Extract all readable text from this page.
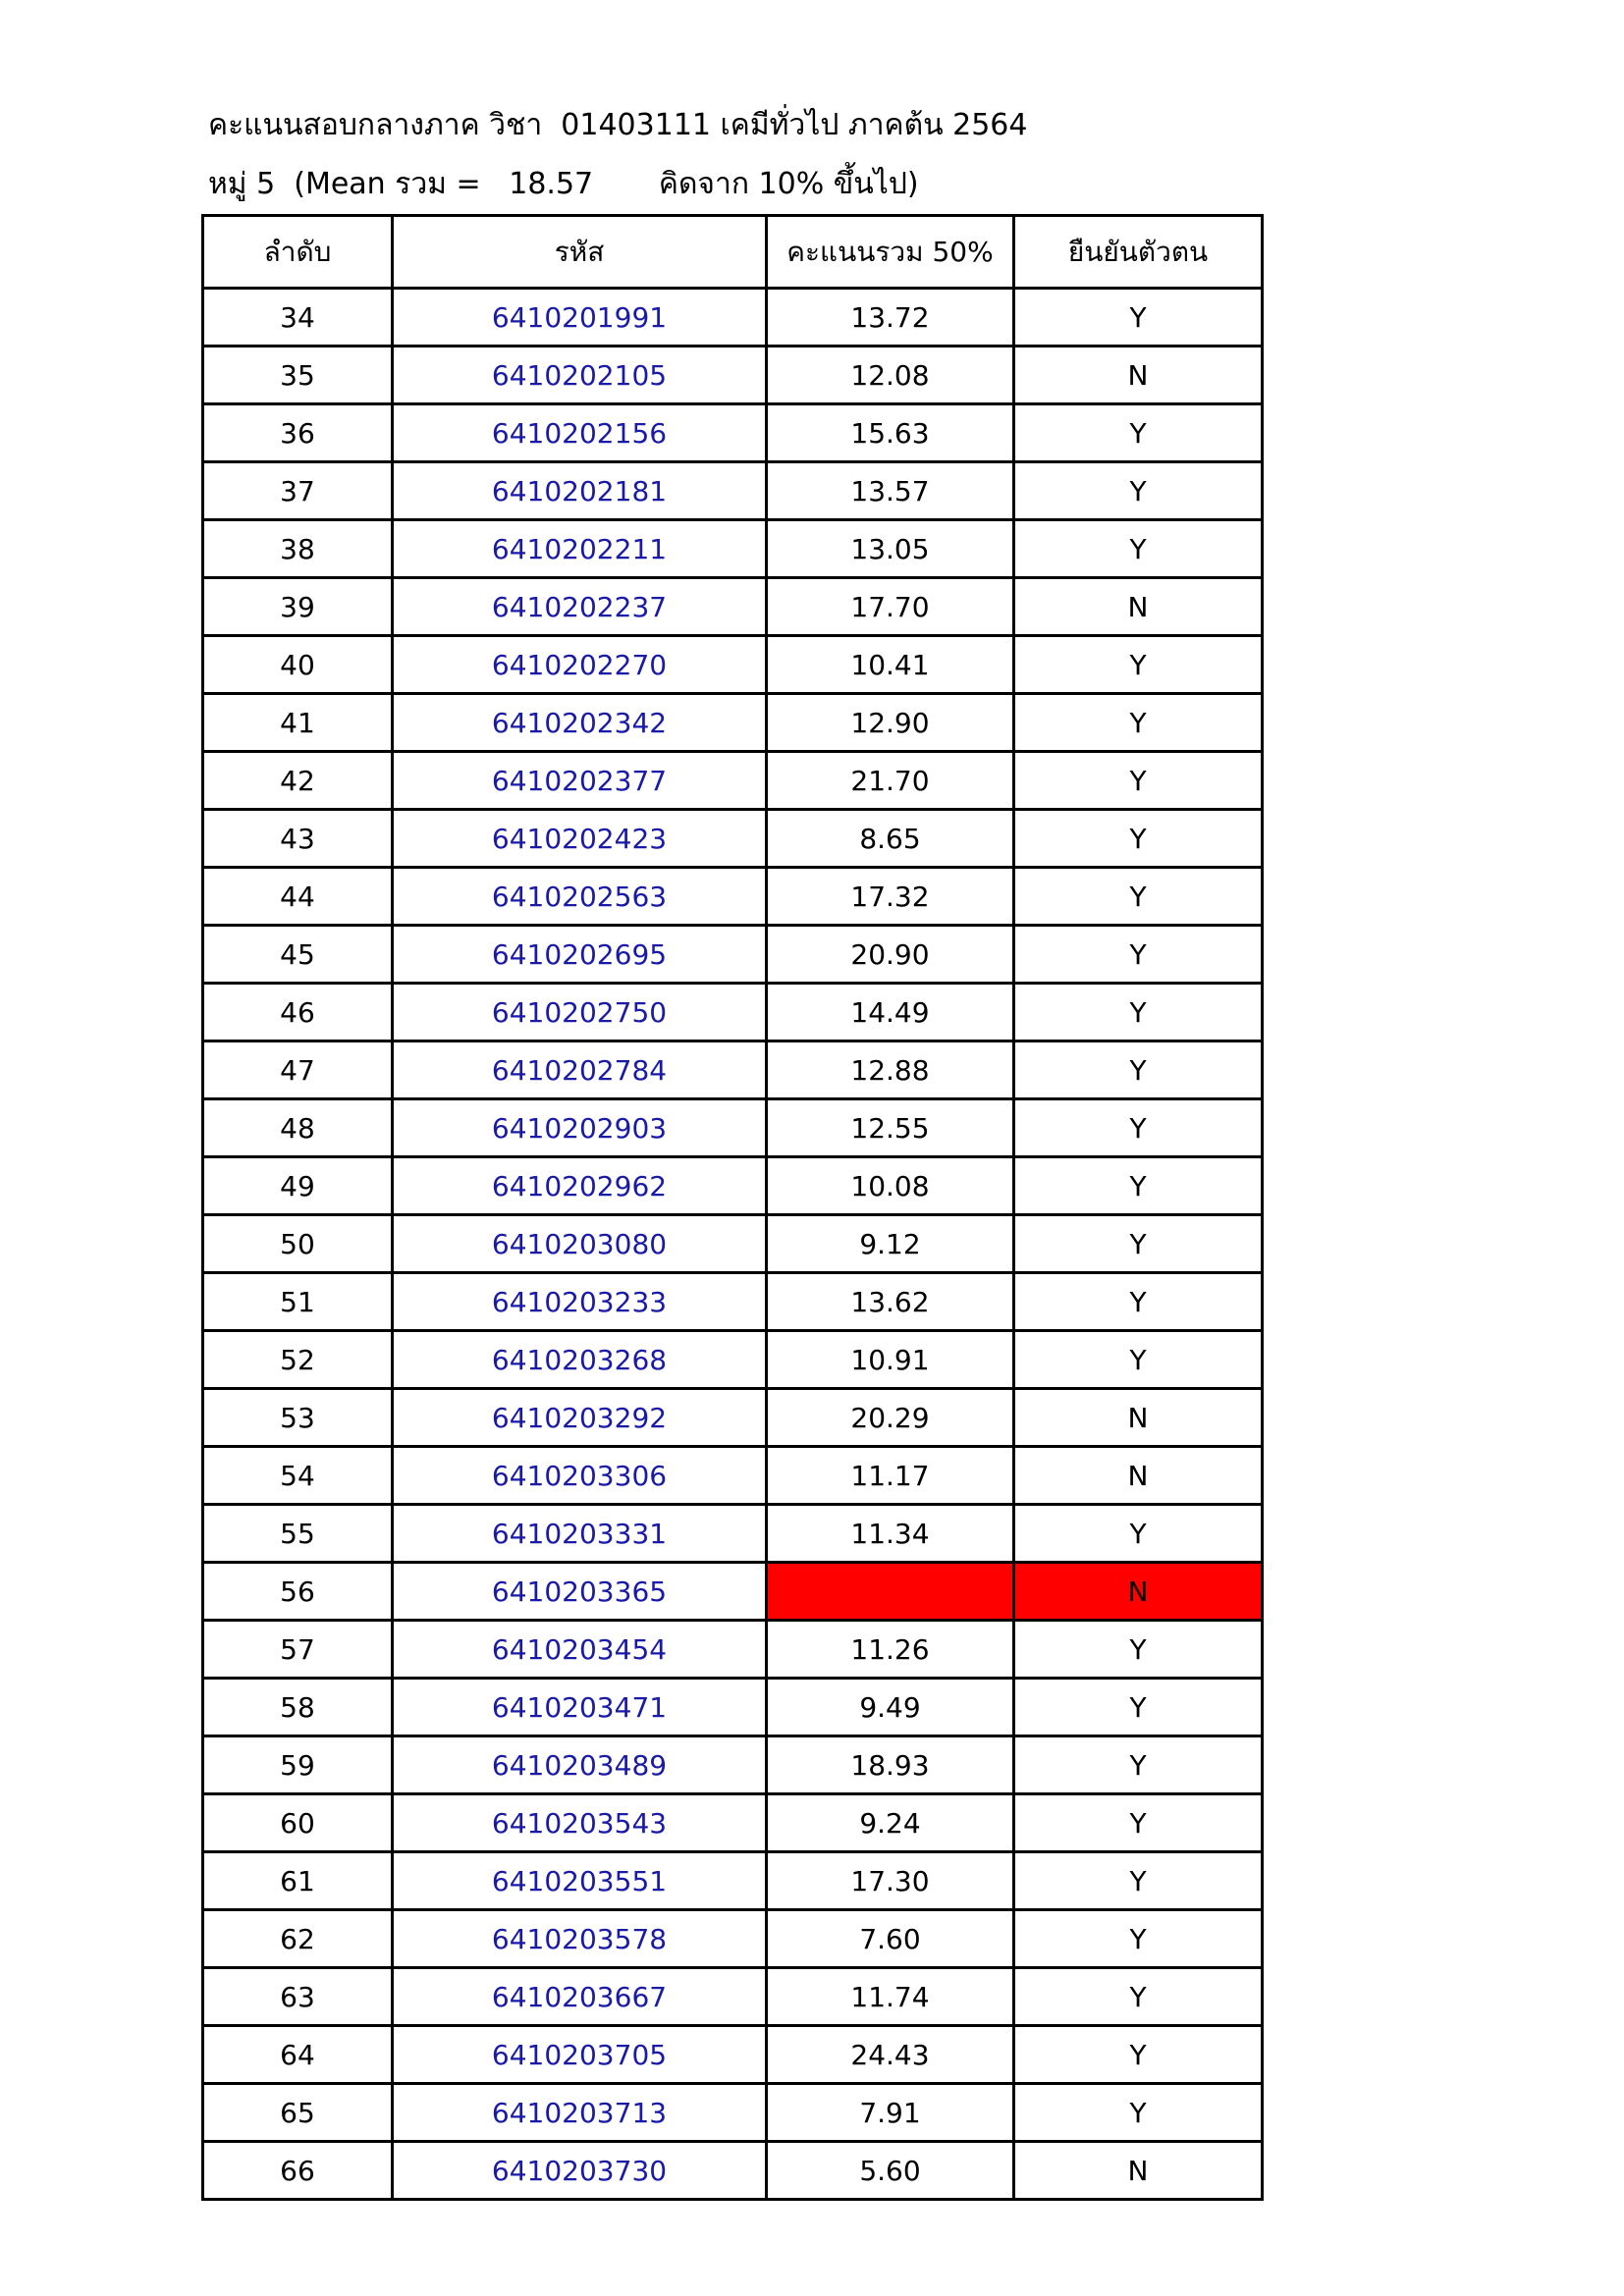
คะแนนสอบกลางภาค วิชา  01403111 เคมีทั่วไป ภาคต้น 2564
หมู่ 5  (Mean รวม =   18.57       คิดจาก 10% ขึ้นไป)
ลำดับ	รหัส	คะแนนรวม 50%	ยืนยันตัวตน
34	6410201991	13.72	Y
35	6410202105	12.08	N
36	6410202156	15.63	Y
37	6410202181	13.57	Y
38	6410202211	13.05	Y
39	6410202237	17.70	N
40	6410202270	10.41	Y
41	6410202342	12.90	Y
42	6410202377	21.70	Y
43	6410202423	8.65	Y
44	6410202563	17.32	Y
45	6410202695	20.90	Y
46	6410202750	14.49	Y
47	6410202784	12.88	Y
48	6410202903	12.55	Y
49	6410202962	10.08	Y
50	6410203080	9.12	Y
51	6410203233	13.62	Y
52	6410203268	10.91	Y
53	6410203292	20.29	N
54	6410203306	11.17	N
55	6410203331	11.34	Y
56	6410203365		N
57	6410203454	11.26	Y
58	6410203471	9.49	Y
59	6410203489	18.93	Y
60	6410203543	9.24	Y
61	6410203551	17.30	Y
62	6410203578	7.60	Y
63	6410203667	11.74	Y
64	6410203705	24.43	Y
65	6410203713	7.91	Y
66	6410203730	5.60	N
